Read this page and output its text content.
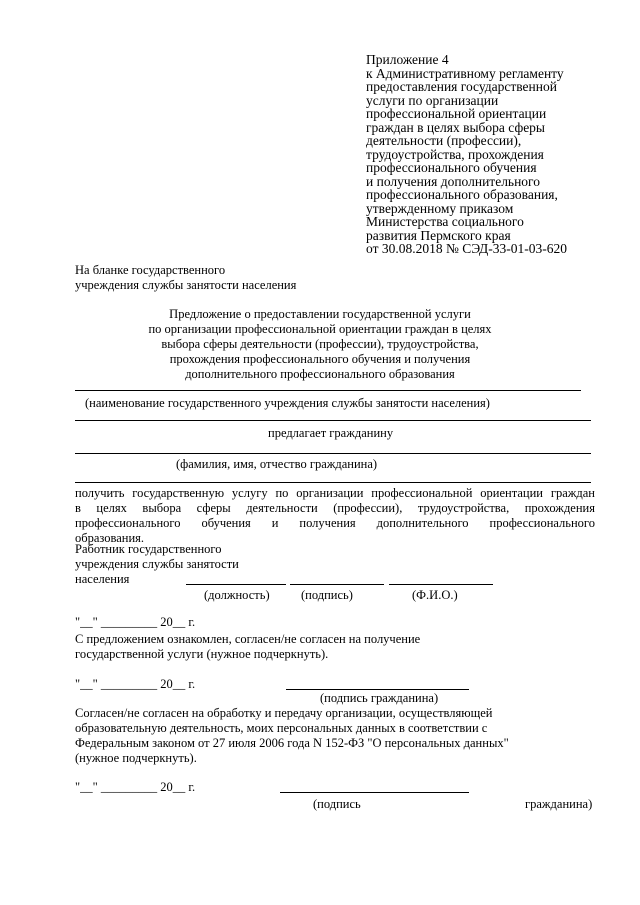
Приложение 4
к Административному регламенту
предоставления государственной
услуги по организации
профессиональной ориентации
граждан в целях выбора сферы
деятельности (профессии),
трудоустройства, прохождения
профессионального обучения
и получения дополнительного
профессионального образования,
утвержденному приказом
Министерства социального
развития Пермского края
от 30.08.2018 № СЭД-33-01-03-620
На бланке государственного
учреждения службы занятости населения
Предложение о предоставлении государственной услуги
по организации профессиональной ориентации граждан в целях
выбора сферы деятельности (профессии), трудоустройства,
прохождения профессионального обучения и получения
дополнительного профессионального образования
(наименование государственного учреждения службы занятости населения)
предлагает гражданину
(фамилия, имя, отчество гражданина)
получить государственную услугу по организации профессиональной ориентации граждан
в целях выбора сферы деятельности (профессии), трудоустройства, прохождения
профессионального обучения и получения дополнительного профессионального
образования.
Работник государственного
учреждения службы занятости
населения
(должность)	(подпись)	(Ф.И.О.)
"__" _________ 20__ г.
С предложением ознакомлен, согласен/не согласен на получение
государственной услуги (нужное подчеркнуть).
"__" _________ 20__ г.
(подпись гражданина)
Согласен/не согласен на обработку и передачу организации, осуществляющей
образовательную деятельность, моих персональных данных в соответствии с
Федеральным законом от 27 июля 2006 года N 152-ФЗ "О персональных данных"
(нужное подчеркнуть).
"__" _________ 20__ г.
(подпись	гражданина)
